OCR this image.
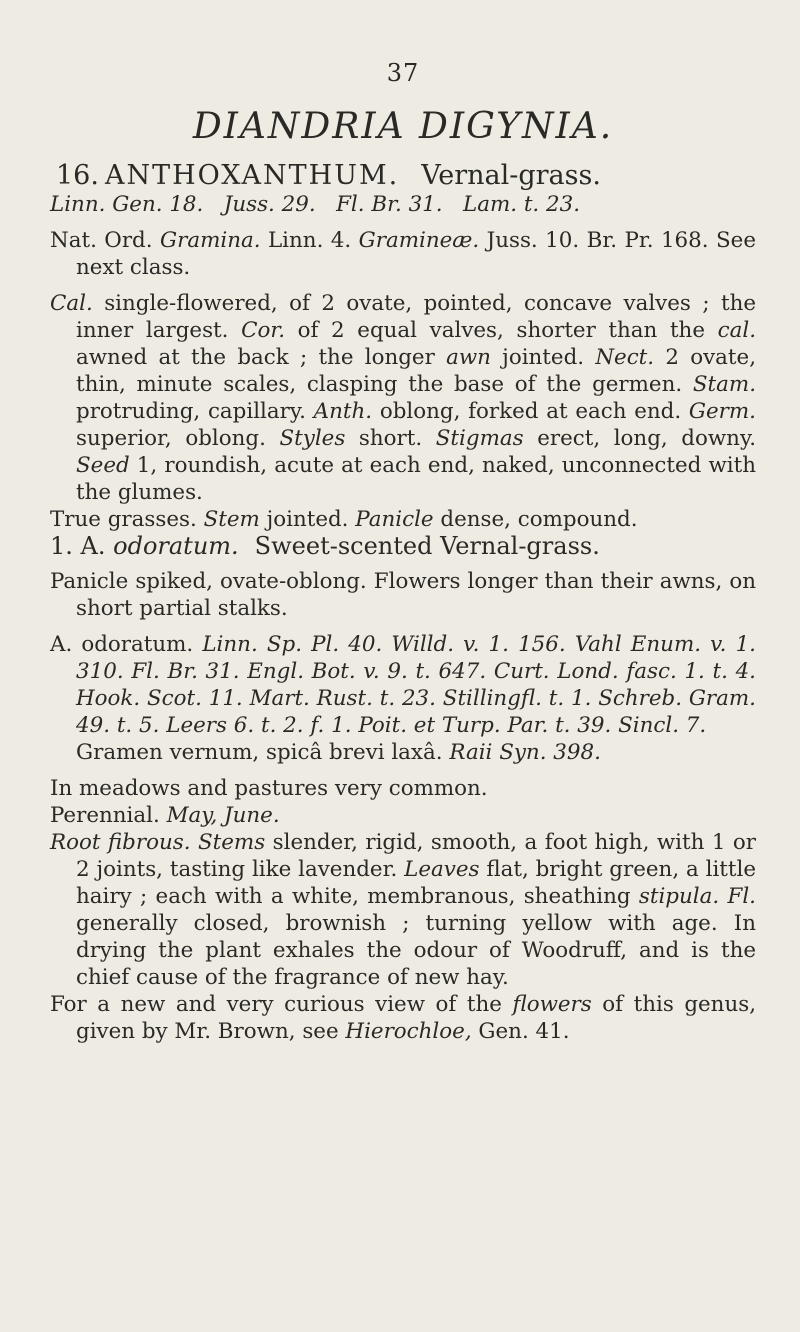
37
DIANDRIA DIGYNIA.
16. ANTHOXANTHUM. Vernal-grass.

Linn. Gen. 18. Juss. 29. Fl. Br. 31. Lam. t. 23.

Nat. Ord. Gramina. Linn. 4. Gramineæ. Juss. 10. Br. Pr. 168. See next class.

Cal. single-flowered, of 2 ovate, pointed, concave valves ; the inner largest. Cor. of 2 equal valves, shorter than the cal. awned at the back ; the longer awn jointed. Nect. 2 ovate, thin, minute scales, clasping the base of the germen. Stam. protruding, capillary. Anth. oblong, forked at each end. Germ. superior, oblong. Styles short. Stigmas erect, long, downy. Seed 1, roundish, acute at each end, naked, unconnected with the glumes.

True grasses. Stem jointed. Panicle dense, compound.

1. A. odoratum. Sweet-scented Vernal-grass.

Panicle spiked, ovate-oblong. Flowers longer than their awns, on short partial stalks.

A. odoratum. Linn. Sp. Pl. 40. Willd. v. 1. 156. Vahl Enum. v. 1. 310. Fl. Br. 31. Engl. Bot. v. 9. t. 647. Curt. Lond. fasc. 1. t. 4. Hook. Scot. 11. Mart. Rust. t. 23. Stillingfl. t. 1. Schreb. Gram. 49. t. 5. Leers 6. t. 2. f. 1. Poit. et Turp. Par. t. 39. Sincl. 7.
Gramen vernum, spicâ brevi laxâ. Raii Syn. 398.

In meadows and pastures very common.

Perennial. May, June.

Root fibrous. Stems slender, rigid, smooth, a foot high, with 1 or 2 joints, tasting like lavender. Leaves flat, bright green, a little hairy ; each with a white, membranous, sheathing stipula. Fl. generally closed, brownish ; turning yellow with age. In drying the plant exhales the odour of Woodruff, and is the chief cause of the fragrance of new hay.

For a new and very curious view of the flowers of this genus, given by Mr. Brown, see Hierochloe, Gen. 41.
